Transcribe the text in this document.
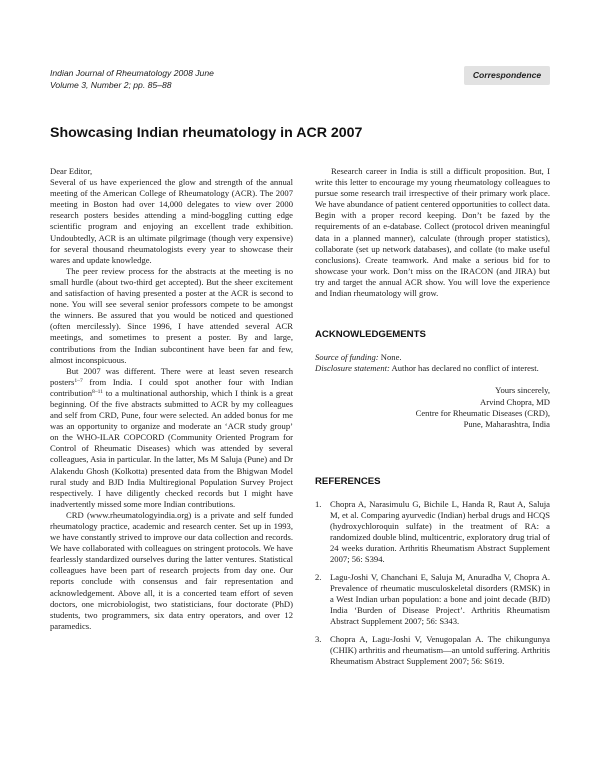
Indian Journal of Rheumatology 2008 June
Volume 3, Number 2; pp. 85–88
Correspondence
Showcasing Indian rheumatology in ACR 2007

Dear Editor,

Several of us have experienced the glow and strength of the annual meeting of the American College of Rheumatology (ACR). The 2007 meeting in Boston had over 14,000 delegates to view over 2000 research posters besides attending a mind-boggling cutting edge scientific program and enjoying an excellent trade exhibition. Undoubtedly, ACR is an ultimate pilgrimage (though very expensive) for several thousand rheumatologists every year to showcase their wares and update knowledge.

The peer review process for the abstracts at the meeting is no small hurdle (about two-third get accepted). But the sheer excitement and satisfaction of having presented a poster at the ACR is second to none. You will see several senior professors compete to be amongst the winners. Be assured that you would be noticed and questioned (often mercilessly). Since 1996, I have attended several ACR meetings, and sometimes to present a poster. By and large, contributions from the Indian subcontinent have been far and few, almost inconspicuous.

But 2007 was different. There were at least seven research posters$^{1-7}$ from India. I could spot another four with Indian contribution$^{8-11}$ to a multinational authorship, which I think is a great beginning. Of the five abstracts submitted to ACR by my colleagues and self from CRD, Pune, four were selected. An added bonus for me was an opportunity to organize and moderate an ‘ACR study group’ on the WHO-ILAR COPCORD (Community Oriented Program for Control of Rheumatic Diseases) which was attended by several colleagues, Asia in particular. In the latter, Ms M Saluja (Pune) and Dr Alakendu Ghosh (Kolkotta) presented data from the Bhigwan Model rural study and BJD India Multiregional Population Survey Project respectively. I have diligently checked records but I might have inadvertently missed some more Indian contributions.

CRD (www.rheumatologyindia.org) is a private and self funded rheumatology practice, academic and research center. Set up in 1993, we have constantly strived to improve our data collection and records. We have collaborated with colleagues on stringent protocols. We have fearlessly standardized ourselves during the latter ventures. Statistical colleagues have been part of research projects from day one. Our reports conclude with consensus and fair representation and acknowledgement. Above all, it is a concerted team effort of seven doctors, one microbiologist, two statisticians, four doctorate (PhD) students, two programmers, six data entry operators, and over 12 paramedics.

Research career in India is still a difficult proposition. But, I write this letter to encourage my young rheumatology colleagues to pursue some research trail irrespective of their primary work place. We have abundance of patient centered opportunities to collect data. Begin with a proper record keeping. Don’t be fazed by the requirements of an e-database. Collect (protocol driven meaningful data in a planned manner), calculate (through proper statistics), collaborate (set up network databases), and collate (to make useful conclusions). Create teamwork. And make a serious bid for to showcase your work. Don’t miss on the IRACON (and JIRA) but try and target the annual ACR show. You will love the experience and Indian rheumatology will grow.

ACKNOWLEDGEMENTS

Source of funding: None.

Disclosure statement: Author has declared no conflict of interest.

Yours sincerely,
Arvind Chopra, MD
Centre for Rheumatic Diseases (CRD),
Pune, Maharashtra, India
REFERENCES
1. Chopra A, Narasimulu G, Bichile L, Handa R, Raut A, Saluja M, et al. Comparing ayurvedic (Indian) herbal drugs and HCQS (hydroxychloroquin sulfate) in the treatment of RA: a randomized double blind, multicentric, exploratory drug trial of 24 weeks duration. Arthritis Rheumatism Abstract Supplement 2007; 56: S394.
2. Lagu-Joshi V, Chanchani E, Saluja M, Anuradha V, Chopra A. Prevalence of rheumatic musculoskeletal disorders (RMSK) in a West Indian urban population: a bone and joint decade (BJD) India ‘Burden of Disease Project’. Arthritis Rheumatism Abstract Supplement 2007; 56: S343.
3. Chopra A, Lagu-Joshi V, Venugopalan A. The chikungunya (CHIK) arthritis and rheumatism—an untold suffering. Arthritis Rheumatism Abstract Supplement 2007; 56: S619.
